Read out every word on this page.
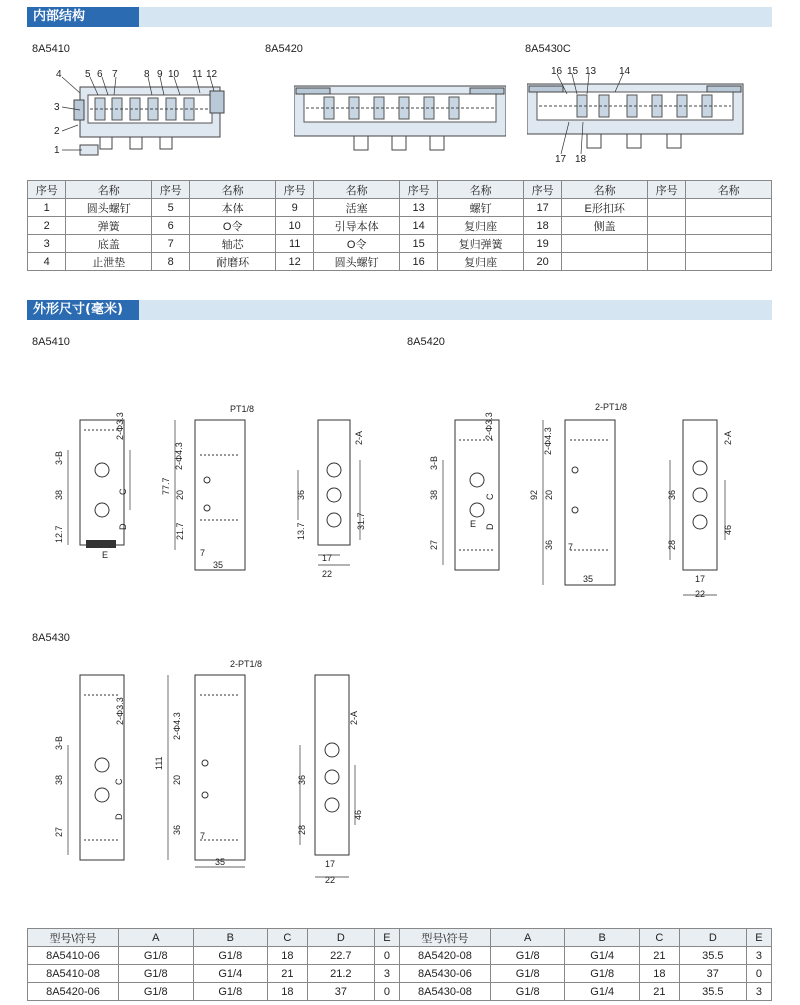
内部结构
8A5410	8A5420	8A5430C
4 5 6 7	8 9 10 11 12
3
2
1
16 15 13 14
17 18
序号	名称	序号	名称	序号	名称	序号	名称	序号	名称	序号	名称
1	圆头螺钉	5	本体	9	活塞	13	螺钉	17	E形扣环		
2	弹簧	6	O令	10	引导本体	14	复归座	18	侧盖		
3	底盖	7	轴芯	11	O令	15	复归弹簧	19			
4	止泄垫	8	耐磨环	12	圆头螺钉	16	复归座	20			
外形尺寸(毫米)
8A5410	8A5420
8A5430
PT1/8
2-Φ3.3
3-B
38	C
D
12.7
E
77.7
2-Φ4.3
20
21.7
7
35
2-A
36
13.7
31.7
17
22
2-PT1/8
2-Φ3.3
3-B
38	C
D
27
E
92
2-Φ4.3
20
36 7
35
2-A
36
28
46
17
22
2-PT1/8
2-Φ3.3
3-B
38	C
D
27
111
2-Φ4.3
20
36
7
35
2-A
36
28
46
17
22
型号\符号	A	B	C	D	E	型号\符号	A	B	C	D	E
8A5410-06	G1/8	G1/8	18	22.7	0	8A5420-08	G1/8	G1/4	21	35.5	3
8A5410-08	G1/8	G1/4	21	21.2	3	8A5430-06	G1/8	G1/8	18	37	0
8A5420-06	G1/8	G1/8	18	37	0	8A5430-08	G1/8	G1/4	21	35.5	3
